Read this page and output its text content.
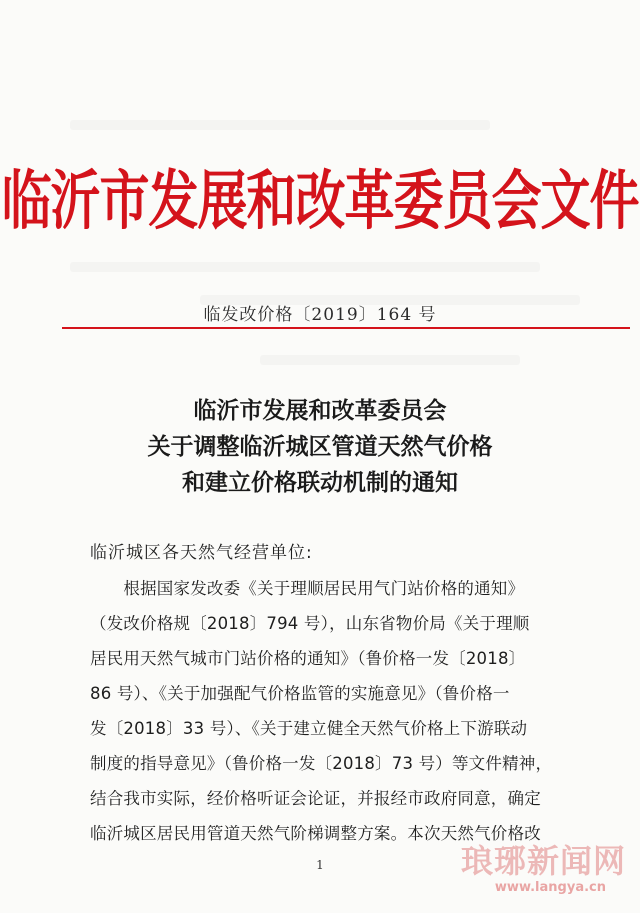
临沂市发展和改革委员会文件
临发改价格〔2019〕164 号
临沂市发展和改革委员会
关于调整临沂城区管道天然气价格
和建立价格联动机制的通知
临沂城区各天然气经营单位:
　　根据国家发改委《关于理顺居民用气门站价格的通知》
（发改价格规〔2018〕794 号），山东省物价局《关于理顺
居民用天然气城市门站价格的通知》（鲁价格一发〔2018〕
86 号）、《关于加强配气价格监管的实施意见》（鲁价格一
发〔2018〕33 号）、《关于建立健全天然气价格上下游联动
制度的指导意见》（鲁价格一发〔2018〕73 号）等文件精神，
结合我市实际，经价格听证会论证，并报经市政府同意，确定
临沂城区居民用管道天然气阶梯调整方案。本次天然气价格改
1	琅琊新闻网
www.langya.cn
